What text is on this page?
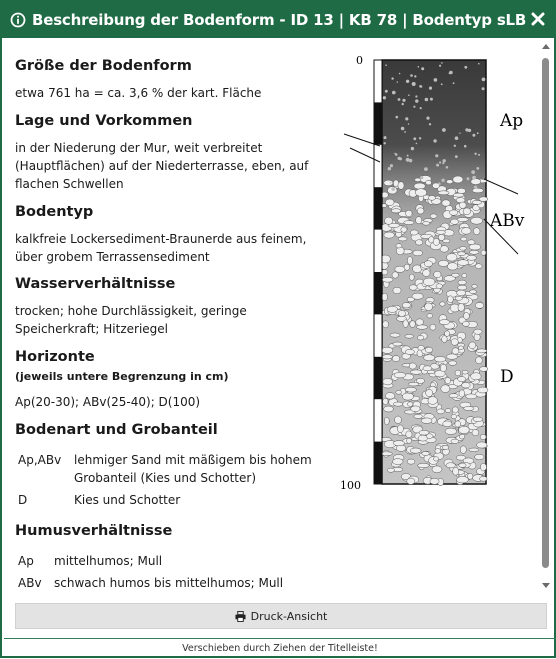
Beschreibung der Bodenform - ID 13 | KB 78 | Bodentyp sLB
Größe der Bodenform
etwa 761 ha = ca. 3,6 % der kart. Fläche
Lage und Vorkommen
in der Niederung der Mur, weit verbreitet (Hauptflächen) auf der Niederterrasse, eben, auf flachen Schwellen
Bodentyp
kalkfreie Lockersediment-Braunerde aus feinem, über grobem Terrassensediment
Wasserverhältnisse
trocken; hohe Durchlässigkeit, geringe Speicherkraft; Hitzeriegel
Horizonte
(jeweils untere Begrenzung in cm)
Ap(20-30); ABv(25-40); D(100)
Bodenart und Grobanteil
Ap,ABv lehmiger Sand mit mäßigem bis hohem
Grobanteil (Kies und Schotter)
D	Kies und Schotter
Humusverhältnisse
Ap mittelhumos; Mull
ABv schwach humos bis mittelhumos; Mull
0
100
Ap
ABv
D
Druck-Ansicht
Verschieben durch Ziehen der Titelleiste!
